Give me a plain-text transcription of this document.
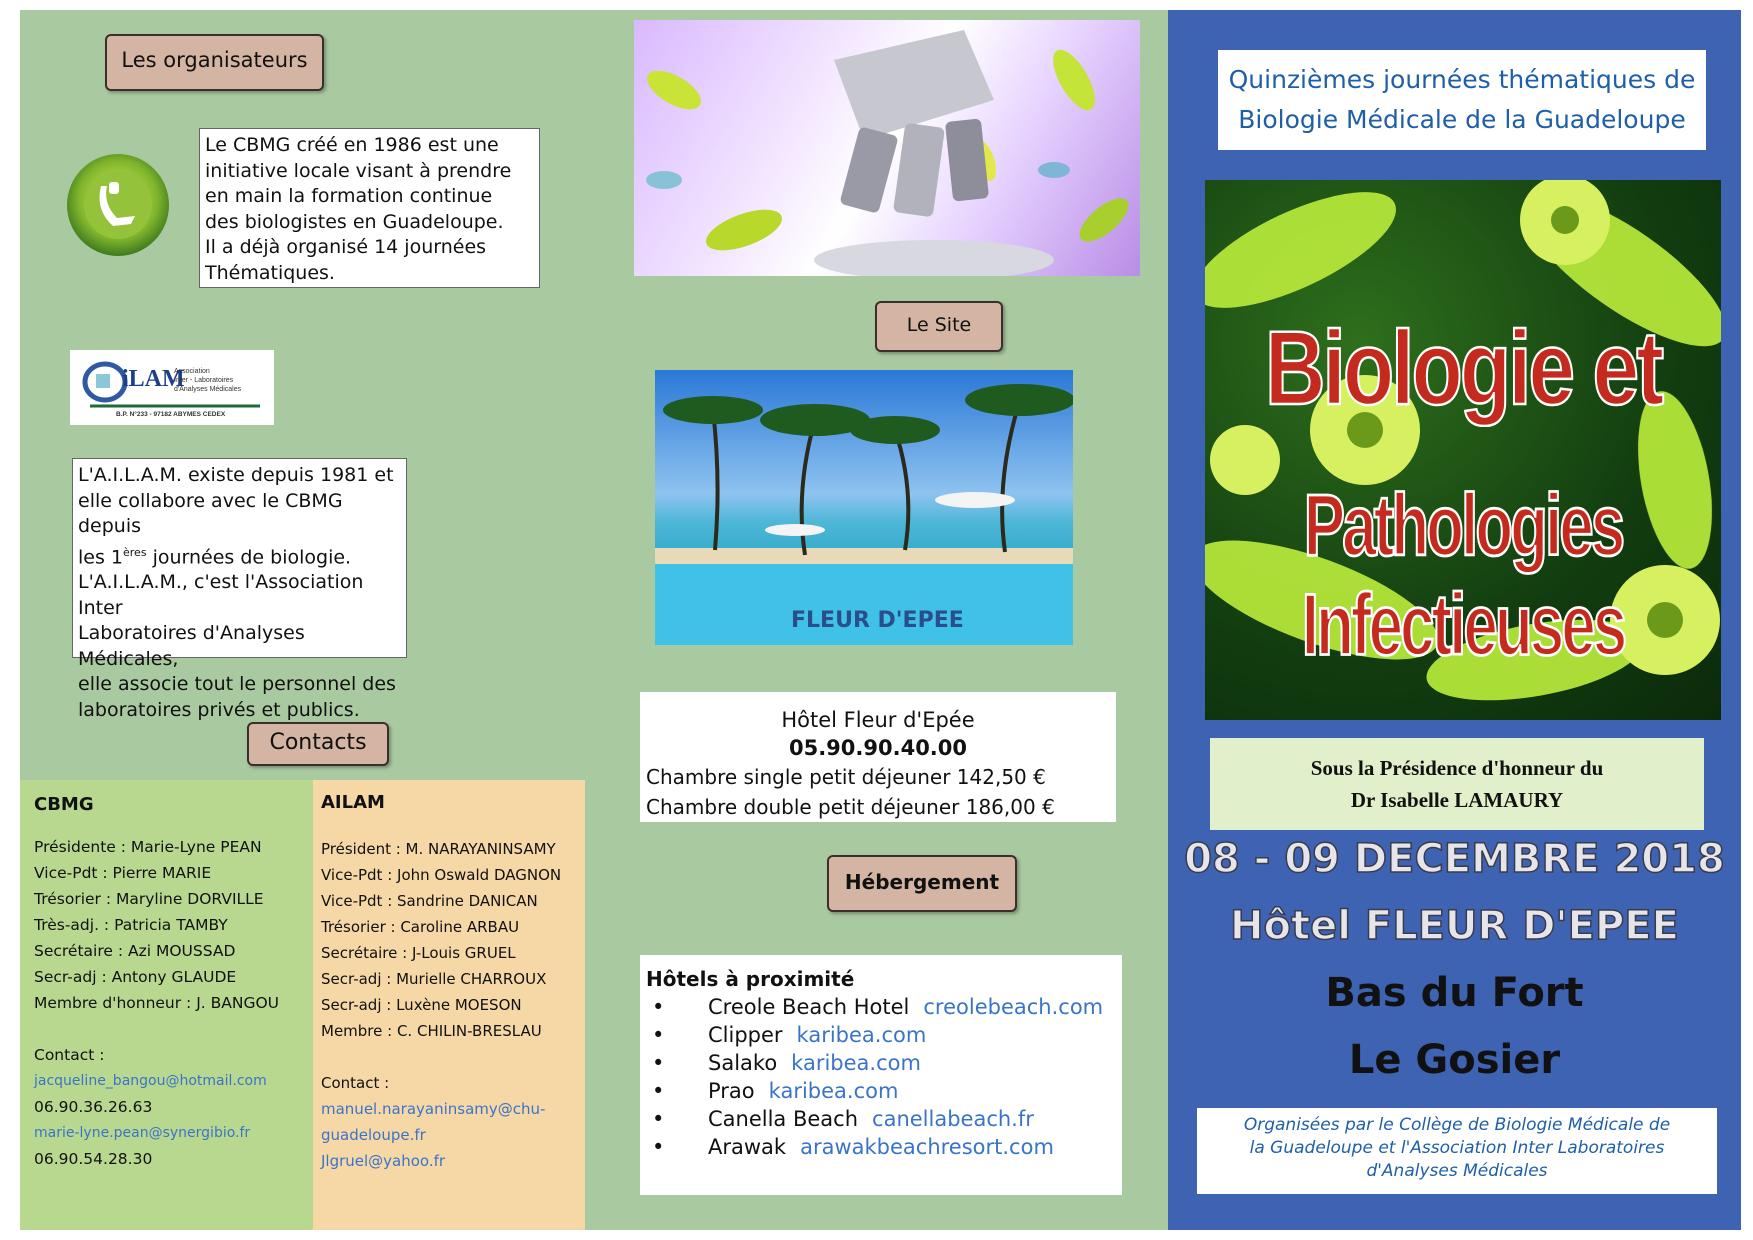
Les organisateurs
Le CBMG créé en 1986 est une
initiative locale visant à prendre
en main la formation continue
des biologistes en Guadeloupe.
Il a déjà organisé 14 journées
Thématiques.
iLAM
Association
Inter - Laboratoires
d'Analyses Médicales
B.P. N°233 - 97182 ABYMES CEDEX
L'A.I.L.A.M. existe depuis 1981 et
elle collabore avec le CBMG depuis
les 1ères journées de biologie.
L'A.I.L.A.M., c'est l'Association Inter
Laboratoires d'Analyses Médicales,
elle associe tout le personnel des
laboratoires privés et publics.
Contacts
CBMG
Présidente : Marie-Lyne PEAN
Vice-Pdt : Pierre MARIE
Trésorier : Maryline DORVILLE
Très-adj. : Patricia TAMBY
Secrétaire : Azi MOUSSAD
Secr-adj : Antony GLAUDE
Membre d'honneur : J. BANGOU
Contact :
jacqueline_bangou@hotmail.com
06.90.36.26.63
marie-lyne.pean@synergibio.fr
06.90.54.28.30
AILAM
Président : M. NARAYANINSAMY
Vice-Pdt : John Oswald DAGNON
Vice-Pdt : Sandrine DANICAN
Trésorier : Caroline ARBAU
Secrétaire : J-Louis GRUEL
Secr-adj : Murielle CHARROUX
Secr-adj : Luxène MOESON
Membre : C. CHILIN-BRESLAU
Contact :
manuel.narayaninsamy@chu-
guadeloupe.fr
Jlgruel@yahoo.fr
Le Site
FLEUR D'EPEE
Hôtel Fleur d'Epée
05.90.90.40.00
Chambre single petit déjeuner 142,50 €
Chambre double petit déjeuner 186,00 €
Hébergement
Hôtels à proximité
•	Creole Beach Hotel creolebeach.com
•	Clipper karibea.com
•	Salako karibea.com
•	Prao karibea.com
•	Canella Beach canellabeach.fr
•	Arawak arawakbeachresort.com
Quinzièmes journées thématiques de
Biologie Médicale de la Guadeloupe
Biologie et
Pathologies Infectieuses
Sous la Présidence d'honneur du
Dr Isabelle LAMAURY
08 - 09 DECEMBRE 2018
Hôtel FLEUR D'EPEE
Bas du Fort
Le Gosier
Organisées par le Collège de Biologie Médicale de
la Guadeloupe et l'Association Inter Laboratoires
d'Analyses Médicales
